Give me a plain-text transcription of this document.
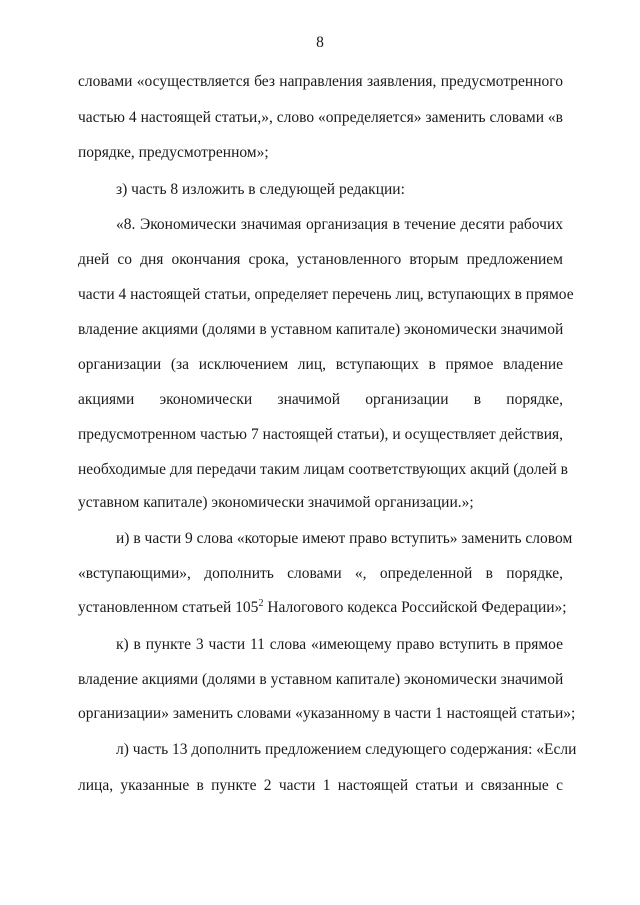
8
словами «осуществляется без направления заявления, предусмотренного
частью 4 настоящей статьи,», слово «определяется» заменить словами «в
порядке, предусмотренном»;
з) часть 8 изложить в следующей редакции:
«8. Экономически значимая организация в течение десяти рабочих
дней со дня окончания срока, установленного вторым предложением
части 4 настоящей статьи, определяет перечень лиц, вступающих в прямое
владение акциями (долями в уставном капитале) экономически значимой
организации (за исключением лиц, вступающих в прямое владение
акциями экономически значимой организации в порядке,
предусмотренном частью 7 настоящей статьи), и осуществляет действия,
необходимые для передачи таким лицам соответствующих акций (долей в
уставном капитале) экономически значимой организации.»;
и) в части 9 слова «которые имеют право вступить» заменить словом
«вступающими», дополнить словами «, определенной в порядке,
установленном статьей $105^2$ Налогового кодекса Российской Федерации»;
к) в пункте 3 части 11 слова «имеющему право вступить в прямое
владение акциями (долями в уставном капитале) экономически значимой
организации» заменить словами «указанному в части 1 настоящей статьи»;
л) часть 13 дополнить предложением следующего содержания: «Если
лица, указанные в пункте 2 части 1 настоящей статьи и связанные с
